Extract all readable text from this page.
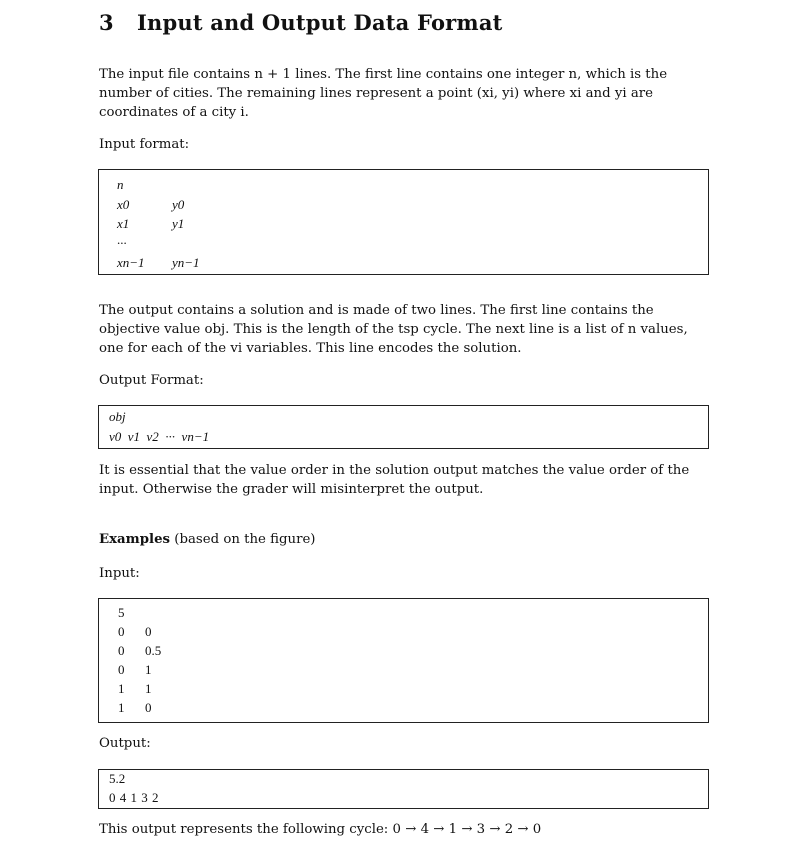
3 Input and Output Data Format
The input file contains n + 1 lines. The first line contains one integer n, which is the
number of cities. The remaining lines represent a point (xi, yi) where xi and yi are
coordinates of a city i.
Input format:
n
x0	y0
x1	y1
...
xn−1 yn−1
The output contains a solution and is made of two lines. The first line contains the
objective value obj. This is the length of the tsp cycle. The next line is a list of n values,
one for each of the vi variables. This line encodes the solution.
Output Format:
obj
v0  v1  v2  ···  vn−1
It is essential that the value order in the solution output matches the value order of the
input. Otherwise the grader will misinterpret the output.
Examples (based on the figure)
Input:
5
0 0
0 0.5
0 1
1 1
1 0
Output:
5.2
0 4 1 3 2
This output represents the following cycle: 0 → 4 → 1 → 3 → 2 → 0
